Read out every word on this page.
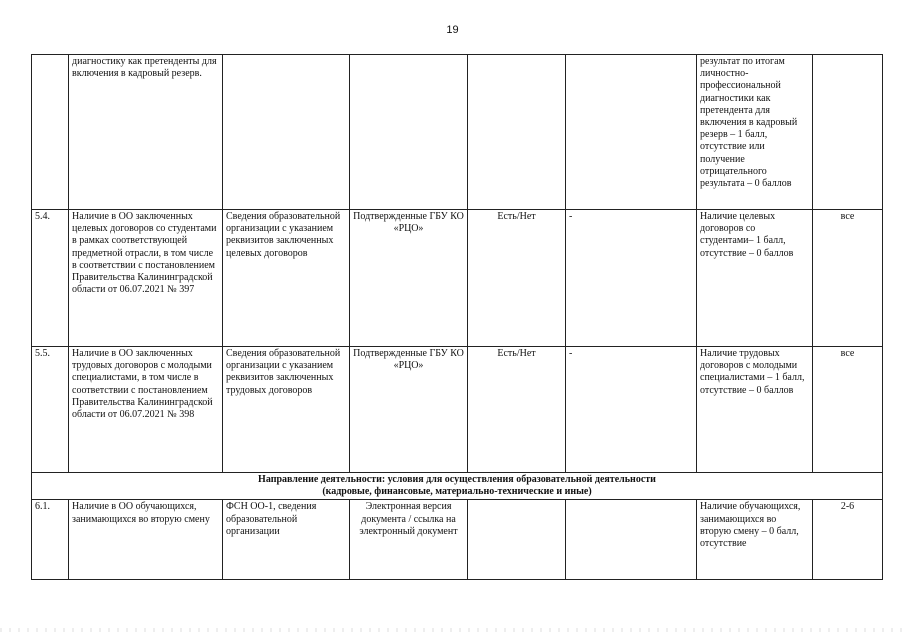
19
	диагностику как претенденты для включения в кадровый резерв.					результат по итогам личностно-профессиональной диагностики как претендента для включения в кадровый резерв – 1 балл, отсутствие или получение отрицательного результата – 0 баллов	
5.4.	Наличие в ОО заключенных целевых договоров со студентами в рамках соответствующей предметной отрасли, в том числе в соответствии с постановлением Правительства Калининградской области от 06.07.2021 № 397	Сведения образовательной организации с указанием реквизитов заключенных целевых договоров	Подтвержденные ГБУ КО «РЦО»	Есть/Нет	-	Наличие целевых договоров со студентами– 1 балл, отсутствие – 0 баллов	все
5.5.	Наличие в ОО заключенных трудовых договоров с молодыми специалистами, в том числе в соответствии с постановлением Правительства Калининградской области от 06.07.2021 № 398	Сведения образовательной организации с указанием реквизитов заключенных трудовых договоров	Подтвержденные ГБУ КО «РЦО»	Есть/Нет	-	Наличие трудовых договоров с молодыми специалистами – 1 балл, отсутствие – 0 баллов	все

Направление деятельности: условия для осуществления образовательной деятельности
(кадровые, финансовые, материально-технические и иные)							

6.1.	Наличие в ОО обучающихся, занимающихся во вторую смену	ФСН ОО-1, сведения образовательной организации	Электронная версия документа / ссылка на электронный документ			Наличие обучающихся, занимающихся во вторую смену – 0 балл, отсутствие	2-6
